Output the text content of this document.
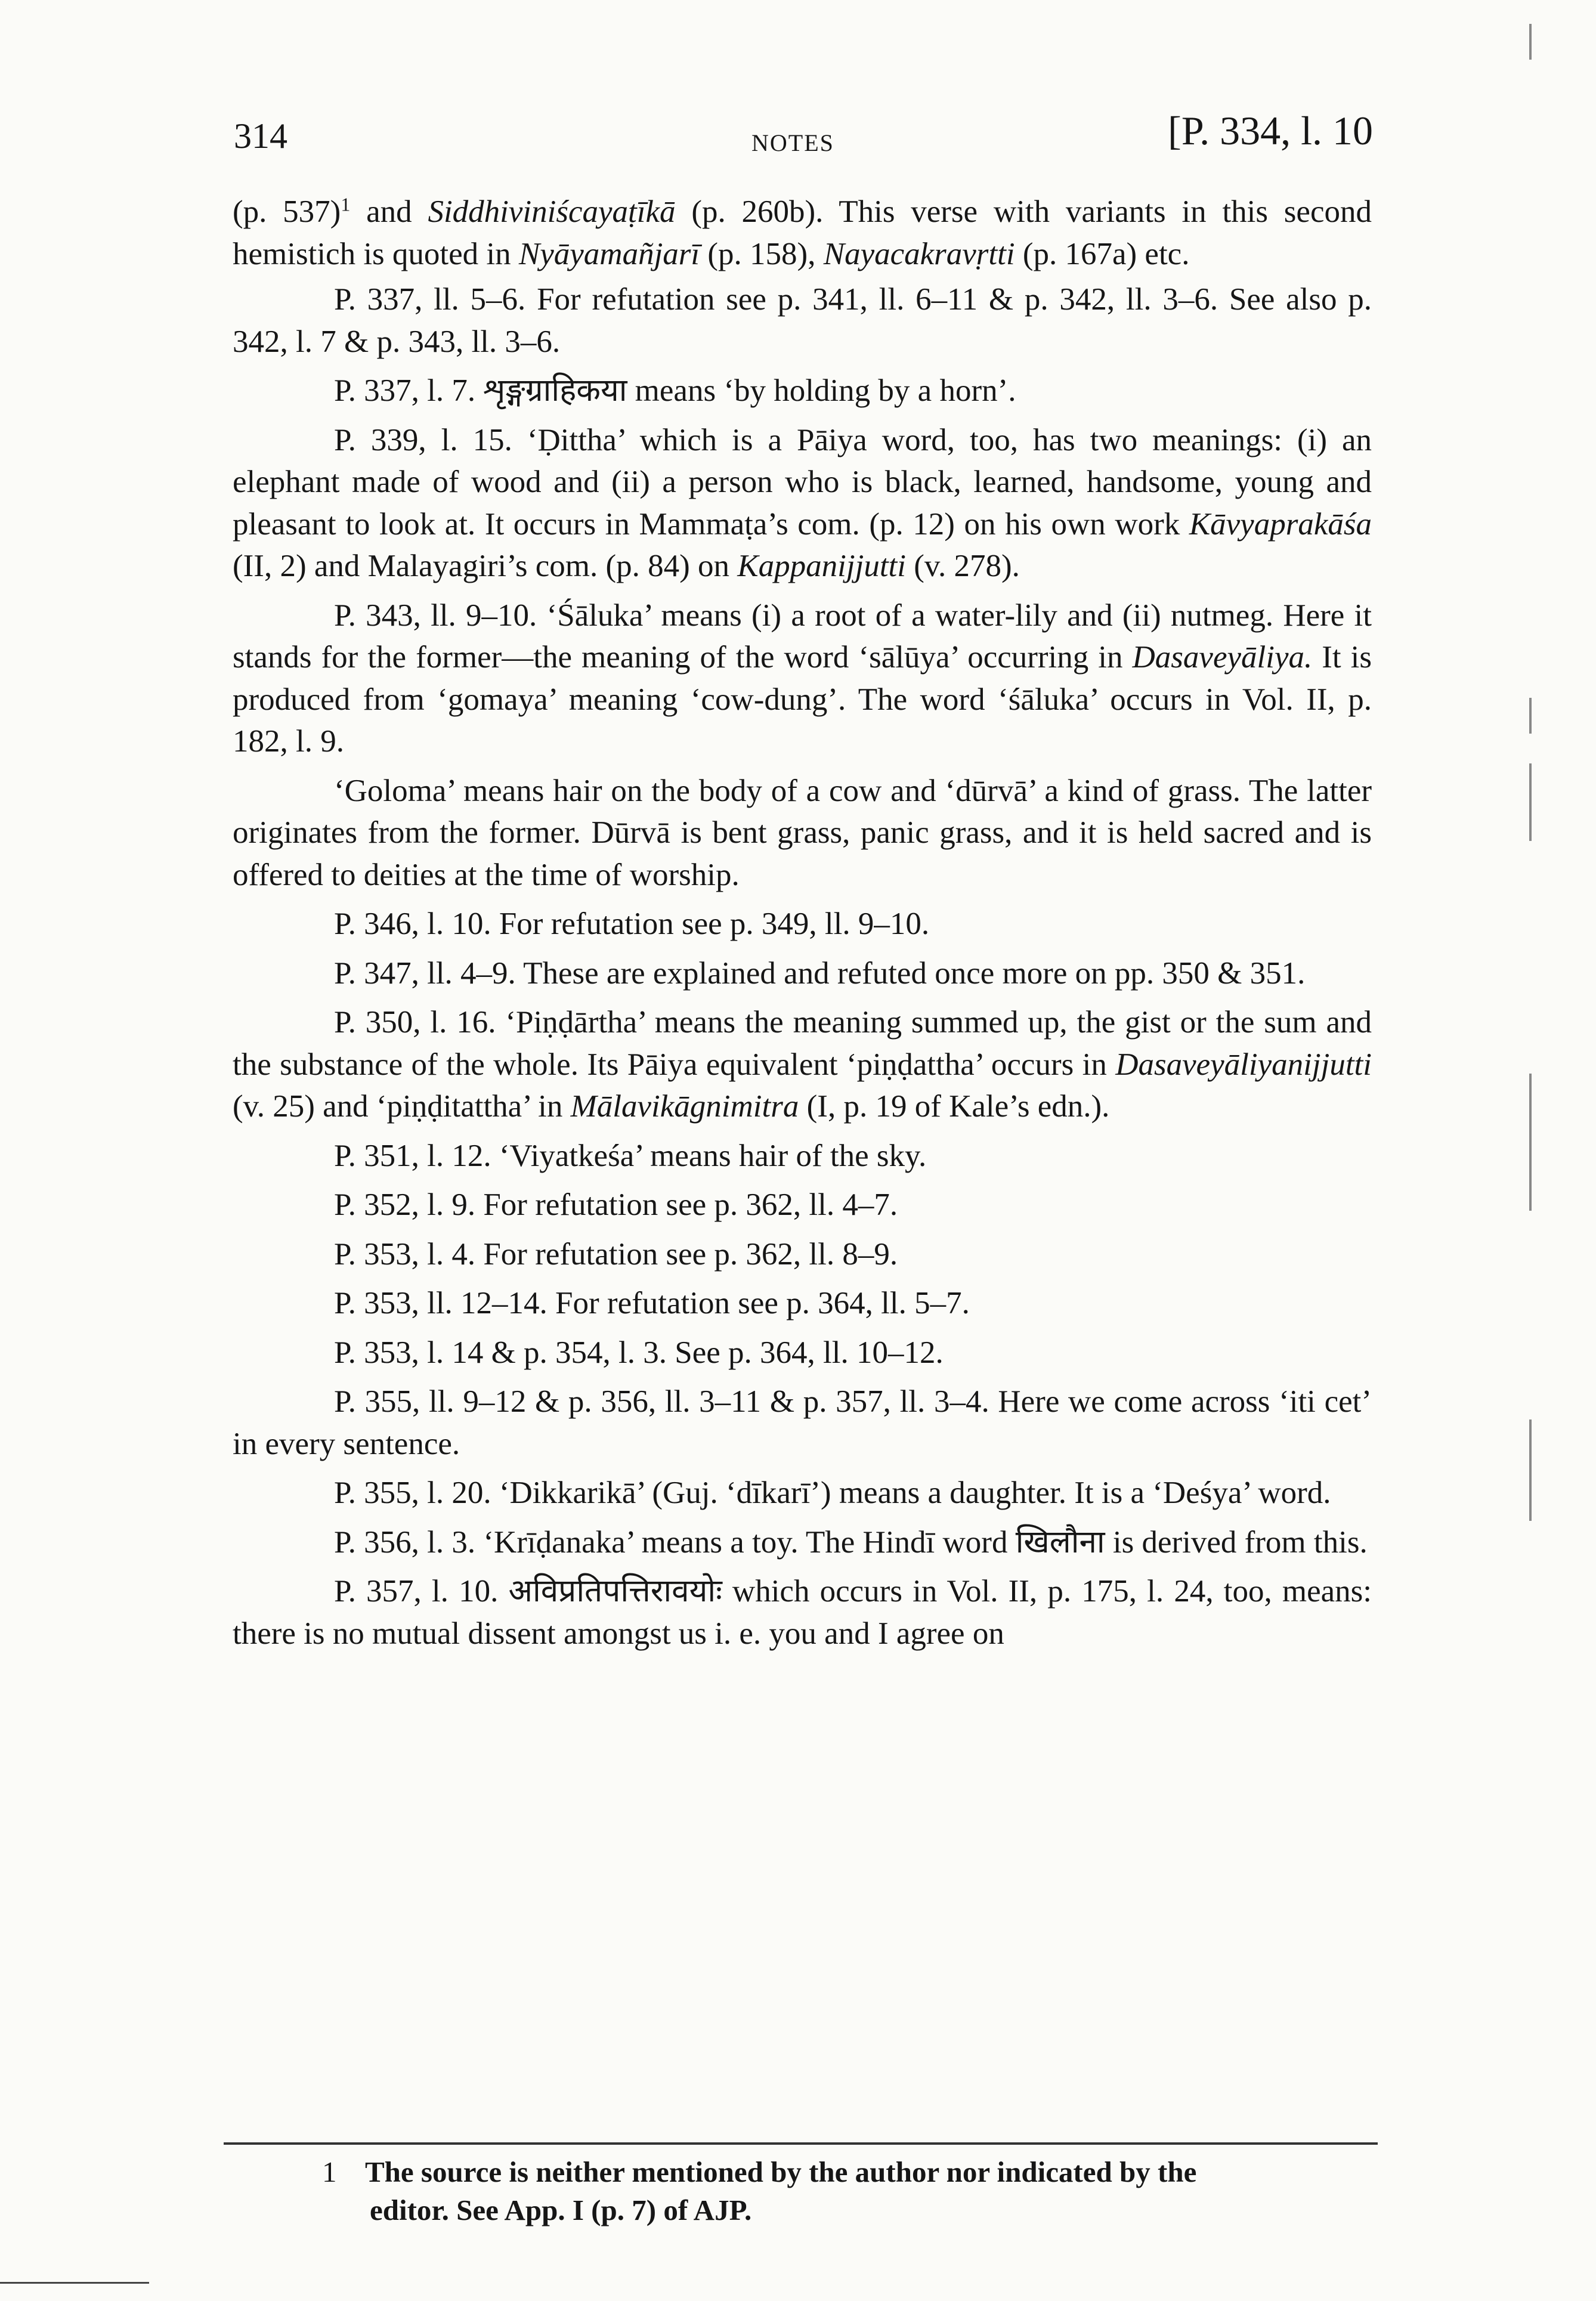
314	NOTES	[P. 334, l. 10

(p. 537)$^1$ and Siddhiviniścayaṭīkā (p. 260b). This verse with variants in this second hemistich is quoted in Nyāyamañjarī (p. 158), Nayacakravṛtti (p. 167a) etc.

P. 337, ll. 5–6. For refutation see p. 341, ll. 6–11 & p. 342, ll. 3–6. See also p. 342, l. 7 & p. 343, ll. 3–6.

P. 337, l. 7. शृङ्गग्राहिकया means ‘by holding by a horn’.

P. 339, l. 15. ‘Ḍittha’ which is a Pāiya word, too, has two meanings: (i) an elephant made of wood and (ii) a person who is black, learned, handsome, young and pleasant to look at. It occurs in Mammaṭa’s com. (p. 12) on his own work Kāvyaprakāśa (II, 2) and Malayagiri’s com. (p. 84) on Kappanijjutti (v. 278).

P. 343, ll. 9–10. ‘Śāluka’ means (i) a root of a water-lily and (ii) nutmeg. Here it stands for the former—the meaning of the word ‘sālūya’ occurring in Dasaveyāliya. It is produced from ‘gomaya’ meaning ‘cow-dung’. The word ‘śāluka’ occurs in Vol. II, p. 182, l. 9.

‘Goloma’ means hair on the body of a cow and ‘dūrvā’ a kind of grass. The latter originates from the former. Dūrvā is bent grass, panic grass, and it is held sacred and is offered to deities at the time of worship.

P. 346, l. 10. For refutation see p. 349, ll. 9–10.

P. 347, ll. 4–9. These are explained and refuted once more on pp. 350 & 351.

P. 350, l. 16. ‘Piṇḍārtha’ means the meaning summed up, the gist or the sum and the substance of the whole. Its Pāiya equivalent ‘piṇḍattha’ occurs in Dasaveyāliyanijjutti (v. 25) and ‘piṇḍitattha’ in Mālavikāgnimitra (I, p. 19 of Kale’s edn.).

P. 351, l. 12. ‘Viyatkeśa’ means hair of the sky.

P. 352, l. 9. For refutation see p. 362, ll. 4–7.

P. 353, l. 4. For refutation see p. 362, ll. 8–9.

P. 353, ll. 12–14. For refutation see p. 364, ll. 5–7.

P. 353, l. 14 & p. 354, l. 3. See p. 364, ll. 10–12.

P. 355, ll. 9–12 & p. 356, ll. 3–11 & p. 357, ll. 3–4. Here we come across ‘iti cet’ in every sentence.

P. 355, l. 20. ‘Dikkarikā’ (Guj. ‘dīkarī’) means a daughter. It is a ‘Deśya’ word.

P. 356, l. 3. ‘Krīḍanaka’ means a toy. The Hindī word खिलौना is derived from this.

P. 357, l. 10. अविप्रतिपत्तिरावयोः which occurs in Vol. II, p. 175, l. 24, too, means: there is no mutual dissent amongst us i. e. you and I agree on

1 The source is neither mentioned by the author nor indicated by the
editor. See App. I (p. 7) of AJP.
